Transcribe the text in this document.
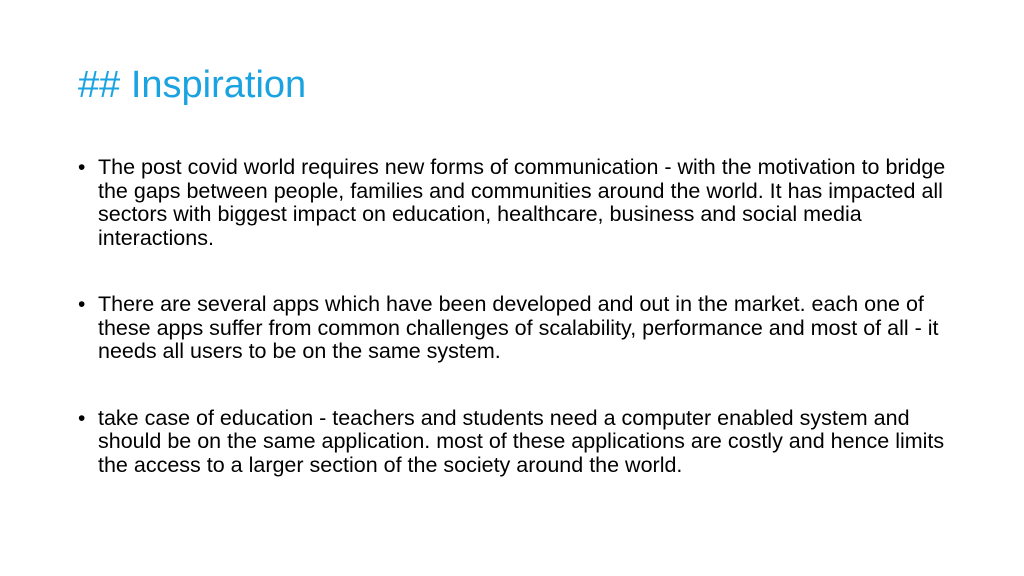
## Inspiration
• The post covid world requires new forms of communication - with the motivation to bridge the gaps between people, families and communities around the world. It has impacted all sectors with biggest impact on education, healthcare, business and social media interactions.
• There are several apps which have been developed and out in the market. each one of these apps suffer from common challenges of scalability, performance and most of all - it needs all users to be on the same system.
• take case of education - teachers and students need a computer enabled system and should be on the same application. most of these applications are costly and hence limits the access to a larger section of the society around the world.
